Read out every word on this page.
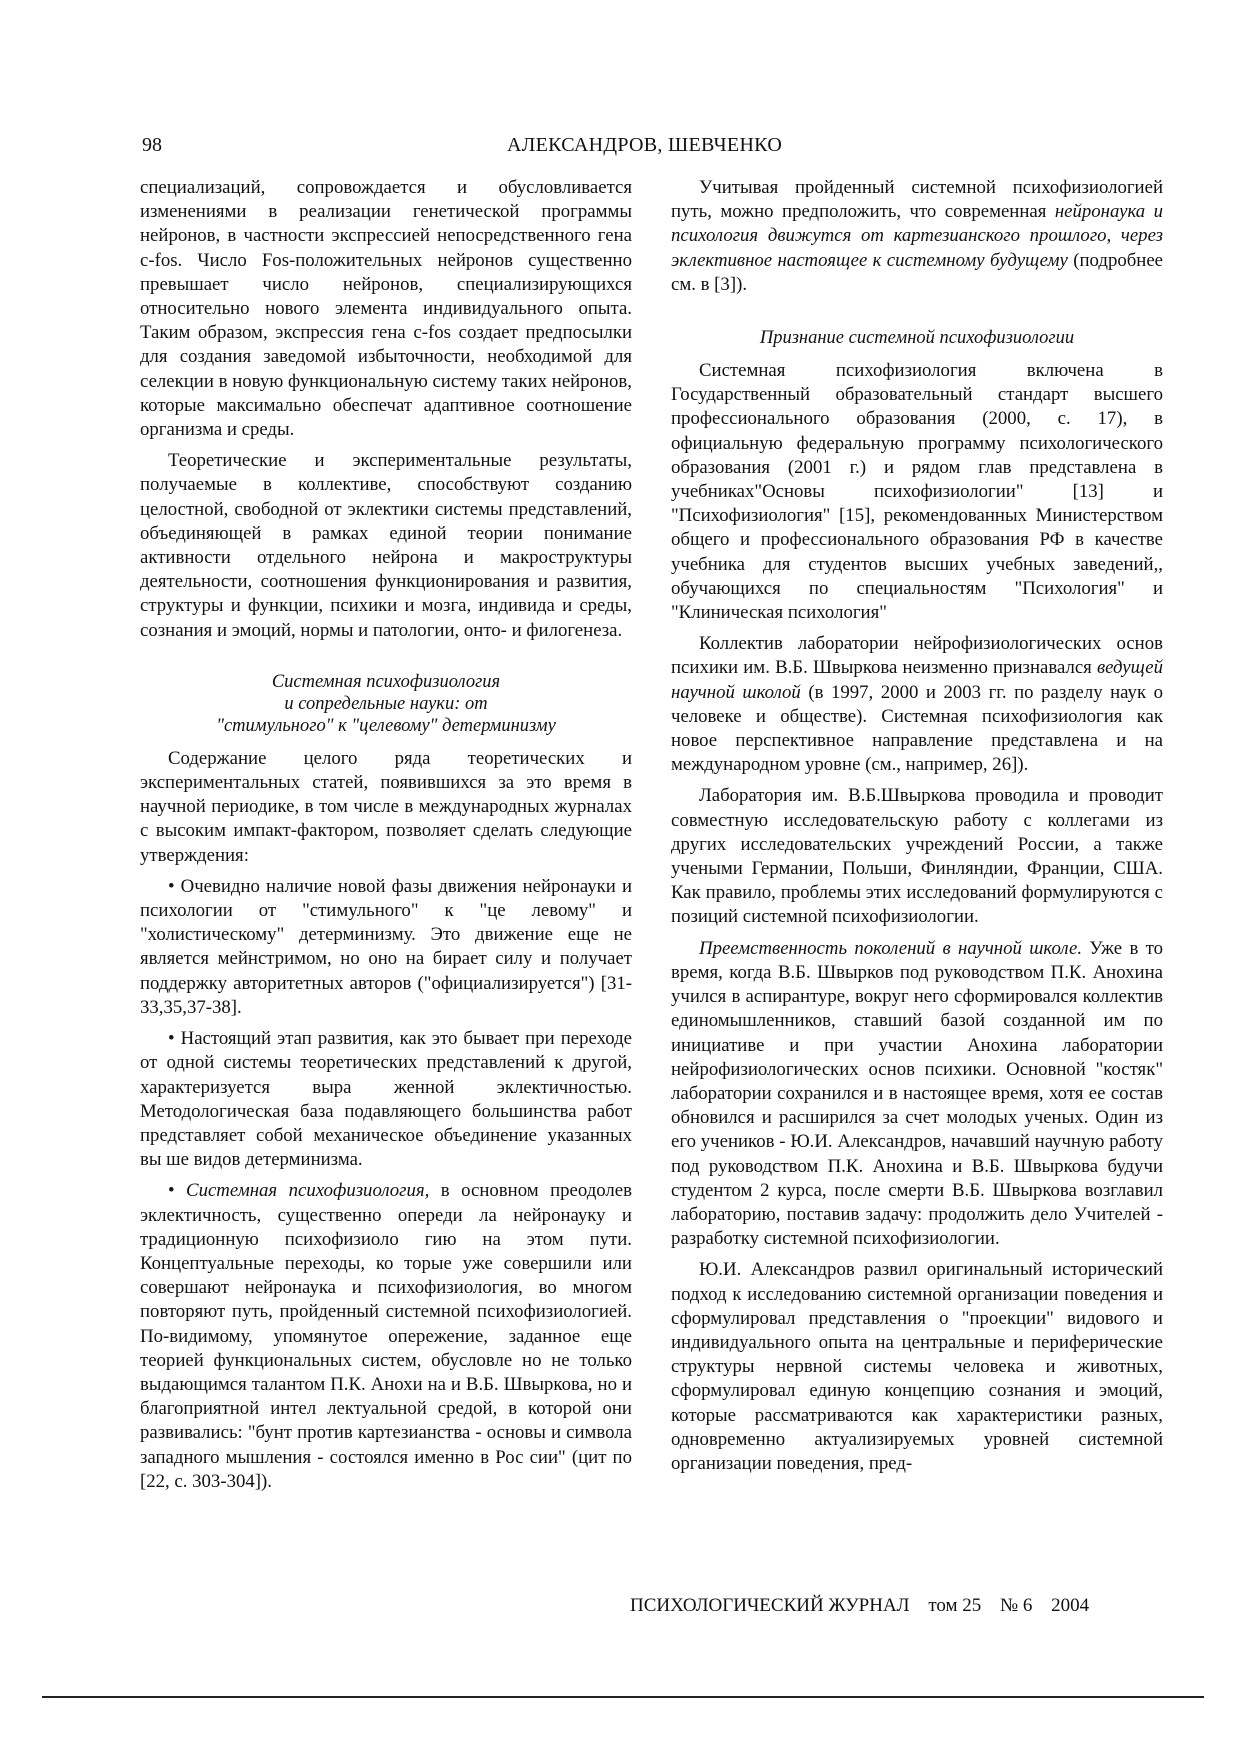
98	АЛЕКСАНДРОВ, ШЕВЧЕНКО

специализаций, сопровождается и обусловливается изменениями в реализации генетической программы нейронов, в частности экспрессией непосредственного гена c-fos. Число Fos-положительных нейронов существенно превышает число нейронов, специализирующихся относительно нового элемента индивидуального опыта. Таким образом, экспрессия гена c-fos создает предпосылки для создания заведомой избыточности, необходимой для селекции в новую функциональную систему таких нейронов, которые максимально обеспечат адаптивное соотношение организма и среды.

Теоретические и экспериментальные результаты, получаемые в коллективе, способствуют созданию целостной, свободной от эклектики системы представлений, объединяющей в рамках единой теории понимание активности отдельного нейрона и макроструктуры деятельности, соотношения функционирования и развития, структуры и функции, психики и мозга, индивида и среды, сознания и эмоций, нормы и патологии, онто- и филогенеза.

Системная психофизиология
и сопредельные науки: от
"стимульного" к "целевому" детерминизму

Содержание целого ряда теоретических и экспериментальных статей, появившихся за это время в научной периодике, в том числе в международных журналах с высоким импакт-фактором, позволяет сделать следующие утверждения:

• Очевидно наличие новой фазы движения нейронауки и психологии от "стимульного" к "це левому" и "холистическому" детерминизму. Это движение еще не является мейнстримом, но оно на бирает силу и получает поддержку авторитетных авторов ("официализируется") [31-33,35,37-38].

• Настоящий этап развития, как это бывает при переходе от одной системы теоретических представлений к другой, характеризуется выра женной эклектичностью. Методологическая база подавляющего большинства работ представляет собой механическое объединение указанных вы ше видов детерминизма.

• Системная психофизиология, в основном преодолев эклектичность, существенно опереди ла нейронауку и традиционную психофизиоло гию на этом пути. Концептуальные переходы, ко торые уже совершили или совершают нейронаука и психофизиология, во многом повторяют путь, пройденный системной психофизиологией. По-видимому, упомянутое опережение, заданное еще теорией функциональных систем, обусловле но не только выдающимся талантом П.К. Анохи на и В.Б. Швыркова, но и благоприятной интел лектуальной средой, в которой они развивались: "бунт против картезианства - основы и символа западного мышления - состоялся именно в Рос сии" (цит по [22, с. 303-304]).

Учитывая пройденный системной психофизиологией путь, можно предположить, что современная нейронаука и психология движутся от картезианского прошлого, через эклективное настоящее к системному будущему (подробнее см. в [3]).

Признание системной психофизиологии

Системная психофизиология включена в Государственный образовательный стандарт высшего профессионального образования (2000, с. 17), в официальную федеральную программу психологического образования (2001 г.) и рядом глав представлена в учебниках"Основы психофизиологии" [13] и "Психофизиология" [15], рекомендованных Министерством общего и профессионального образования РФ в качестве учебника для студентов высших учебных заведений,, обучающихся по специальностям "Психология" и "Клиническая психология"

Коллектив лаборатории нейрофизиологических основ психики им. В.Б. Швыркова неизменно признавался ведущей научной школой (в 1997, 2000 и 2003 гг. по разделу наук о человеке и обществе). Системная психофизиология как новое перспективное направление представлена и на международном уровне (см., например, 26]).

Лаборатория им. В.Б.Швыркова проводила и проводит совместную исследовательскую работу с коллегами из других исследовательских учреждений России, а также учеными Германии, Польши, Финляндии, Франции, США. Как правило, проблемы этих исследований формулируются с позиций системной психофизиологии.

Преемственность поколений в научной школе. Уже в то время, когда В.Б. Швырков под руководством П.К. Анохина учился в аспирантуре, вокруг него сформировался коллектив единомышленников, ставший базой созданной им по инициативе и при участии Анохина лаборатории нейрофизиологических основ психики. Основной "костяк" лаборатории сохранился и в настоящее время, хотя ее состав обновился и расширился за счет молодых ученых. Один из его учеников - Ю.И. Александров, начавший научную работу под руководством П.К. Анохина и В.Б. Швыркова будучи студентом 2 курса, после смерти В.Б. Швыркова возглавил лабораторию, поставив задачу: продолжить дело Учителей - разработку системной психофизиологии.

Ю.И. Александров развил оригинальный исторический подход к исследованию системной организации поведения и сформулировал представления о "проекции" видового и индивидуального опыта на центральные и периферические структуры нервной системы человека и животных, сформулировал единую концепцию сознания и эмоций, которые рассматриваются как характеристики разных, одновременно актуализируемых уровней системной организации поведения, пред-

ПСИХОЛОГИЧЕСКИЙ ЖУРНАЛ том 25 № 6 2004
